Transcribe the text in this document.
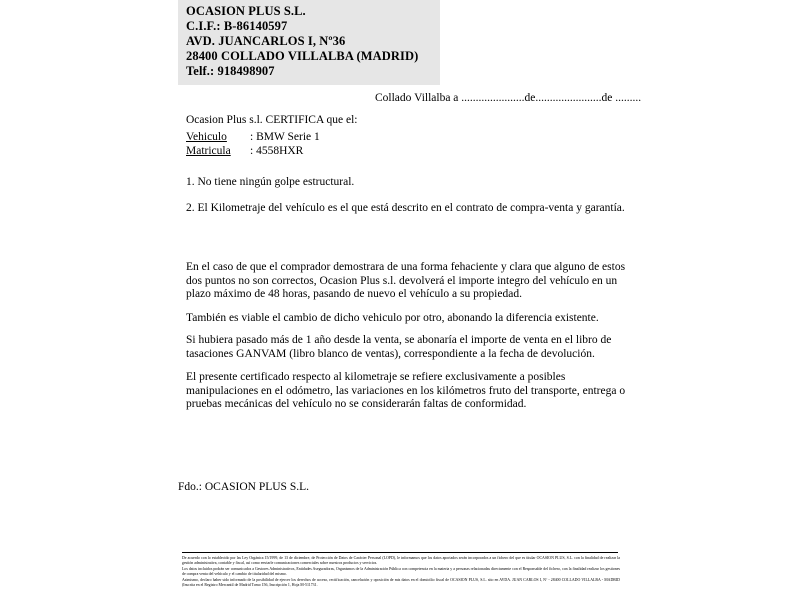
OCASION PLUS S.L.
C.I.F.: B-86140597
AVD. JUANCARLOS I, Nº36
28400 COLLADO VILLALBA (MADRID)
Telf.: 918498907
Collado Villalba a ......................de.......................de .........
Ocasion Plus s.l. CERTIFICA que el:
Vehiculo : BMW Serie 1
Matricula : 4558HXR
1. No tiene ningún golpe estructural.
2. El Kilometraje del vehículo es el que está descrito en el contrato de compra-venta y garantía.
En el caso de que el comprador demostrara de una forma fehaciente y clara que alguno de estos dos puntos no son correctos, Ocasion Plus s.l. devolverá el importe integro del vehículo en un plazo máximo de 48 horas, pasando de nuevo el vehículo a su propiedad.
También es viable el cambio de dicho vehiculo por otro, abonando la diferencia existente.
Si hubiera pasado más de 1 año desde la venta, se abonaría el importe de venta en el libro de tasaciones GANVAM (libro blanco de ventas), correspondiente a la fecha de devolución.
El presente certificado respecto al kilometraje se refiere exclusivamente a posibles manipulaciones en el odómetro, las variaciones en los kilómetros fruto del transporte, entrega o pruebas mecánicas del vehículo no se considerarán faltas de conformidad.
Fdo.: OCASION PLUS S.L.

De acuerdo con lo establecido por las Ley Orgánica 15/1999, de 13 de diciembre, de Protección de Datos de Carácter Personal (LOPD), le informamos que los datos aportados serán incorporados a un fichero del que es titular OCASION PLUS, S.L. con la finalidad de realizar la gestión administrativa, contable y fiscal, así como enviarle comunicaciones comerciales sobre nuestros productos y servicios.

Los datos incluidos podrán ser comunicados a Gestores Administrativos, Entidades Aseguradoras, Organismos de la Administración Pública con competencia en la materia y a personas relacionadas directamente con el Responsable del fichero, con la finalidad realizar los gestiones de compra venta del vehículo y el cambio de titularidad del mismo.

Asimismo, declaro haber sido informado de la posibilidad de ejercer los derechos de acceso, rectificación, cancelación y oposición de mis datos en el domicilio fiscal de OCASION PLUS, S.L. sito en AVDA. JUAN CARLOS I, Nº - 28400 COLLADO VILLALBA - MADRID (Inscrita en el Registro Mercantil de Madrid Tomo 156, Inscripción 1, Hoja M-511731.
